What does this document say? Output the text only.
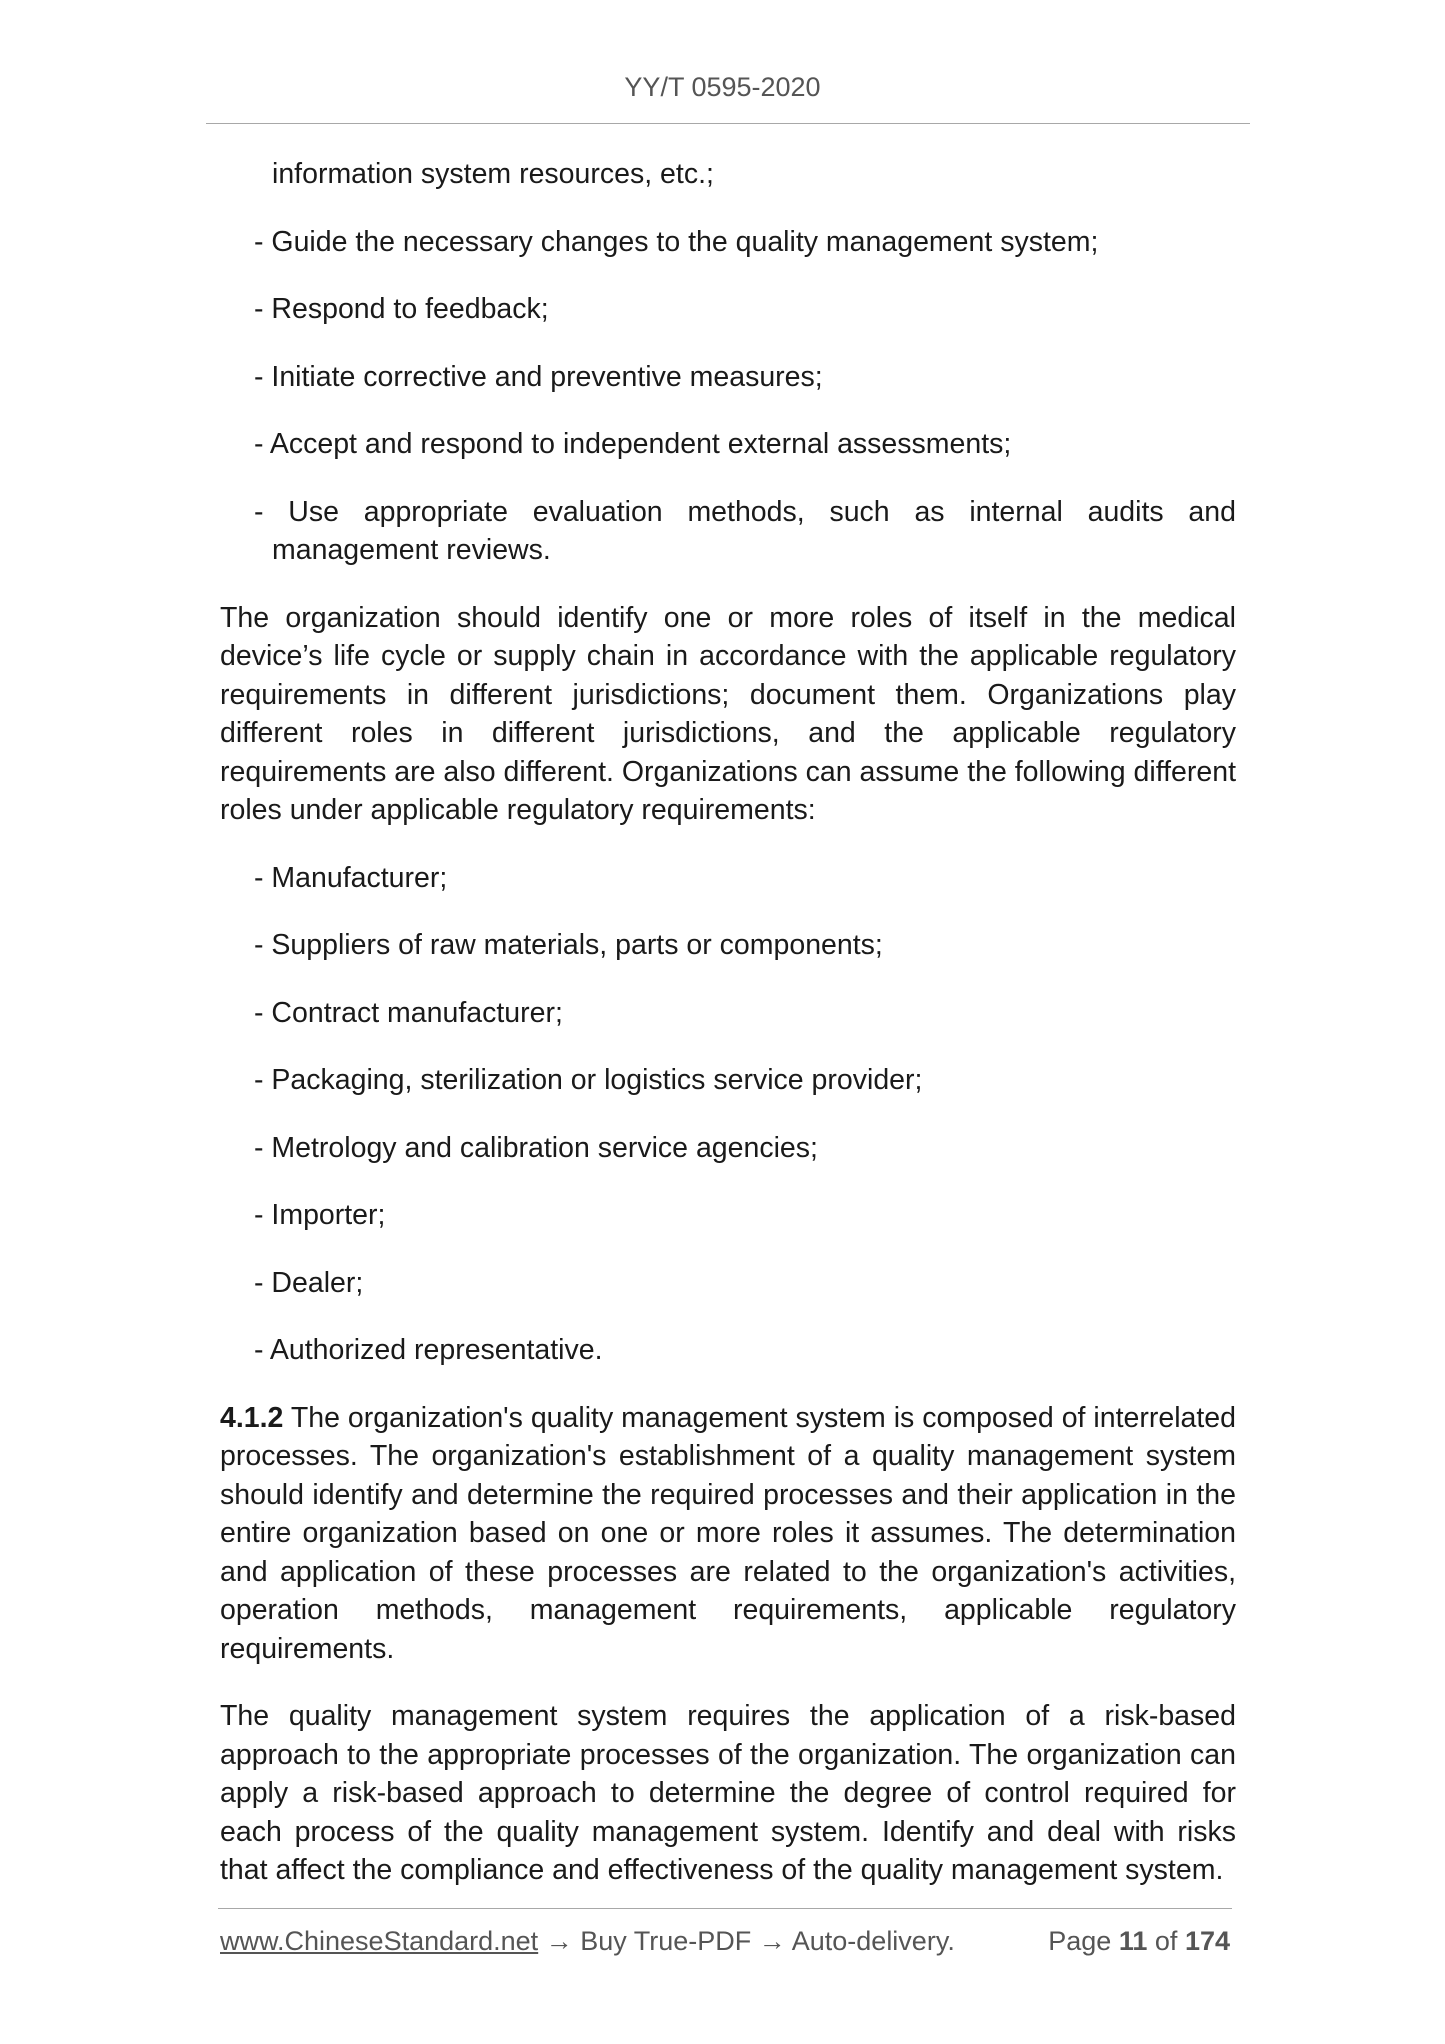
YY/T 0595-2020

information system resources, etc.;

- Guide the necessary changes to the quality management system;

- Respond to feedback;

- Initiate corrective and preventive measures;

- Accept and respond to independent external assessments;

- Use appropriate evaluation methods, such as internal audits and
management reviews.

The organization should identify one or more roles of itself in the medical device’s life cycle or supply chain in accordance with the applicable regulatory requirements in different jurisdictions; document them. Organizations play different roles in different jurisdictions, and the applicable regulatory requirements are also different. Organizations can assume the following different roles under applicable regulatory requirements:

- Manufacturer;

- Suppliers of raw materials, parts or components;

- Contract manufacturer;

- Packaging, sterilization or logistics service provider;

- Metrology and calibration service agencies;

- Importer;

- Dealer;

- Authorized representative.

4.1.2 The organization's quality management system is composed of interrelated processes. The organization's establishment of a quality management system should identify and determine the required processes and their application in the entire organization based on one or more roles it assumes. The determination and application of these processes are related to the organization's activities, operation methods, management requirements, applicable regulatory requirements.

The quality management system requires the application of a risk-based approach to the appropriate processes of the organization. The organization can apply a risk-based approach to determine the degree of control required for each process of the quality management system. Identify and deal with risks that affect the compliance and effectiveness of the quality management system.

www.ChineseStandard.net → Buy True-PDF → Auto-delivery.	Page 11 of 174
